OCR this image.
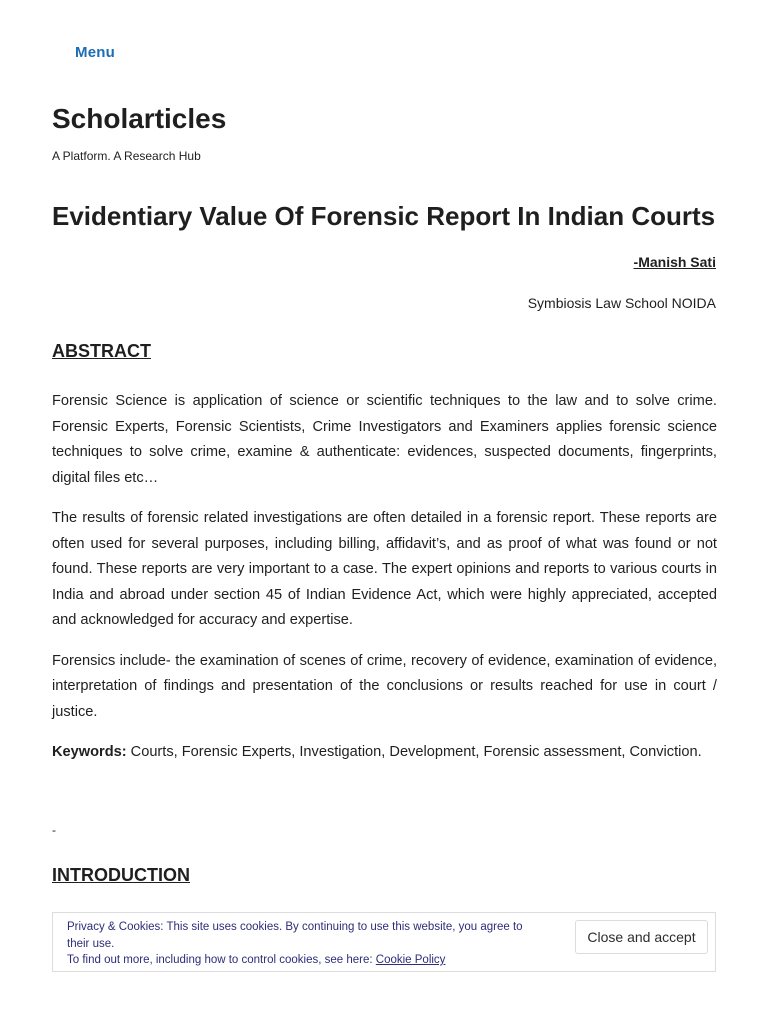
Menu
Scholarticles

A Platform. A Research Hub

Evidentiary Value Of Forensic Report In Indian Courts

-Manish Sati

Symbiosis Law School NOIDA

ABSTRACT

Forensic Science is application of science or scientific techniques to the law and to solve crime. Forensic Experts, Forensic Scientists, Crime Investigators and Examiners applies forensic science techniques to solve crime, examine & authenticate: evidences, suspected documents, fingerprints, digital files etc…

The results of forensic related investigations are often detailed in a forensic report. These reports are often used for several purposes, including billing, affidavit’s, and as proof of what was found or not found. These reports are very important to a case. The expert opinions and reports to various courts in India and abroad under section 45 of Indian Evidence Act, which were highly appreciated, accepted and acknowledged for accuracy and expertise.

Forensics include- the examination of scenes of crime, recovery of evidence, examination of evidence, interpretation of findings and presentation of the conclusions or results reached for use in court / justice.

Keywords: Courts, Forensic Experts, Investigation, Development, Forensic assessment, Conviction.

-
INTRODUCTION

Privacy & Cookies: This site uses cookies. By continuing to use this website, you agree to their use.

To find out more, including how to control cookies, see here: Cookie Policy

Close and accept
